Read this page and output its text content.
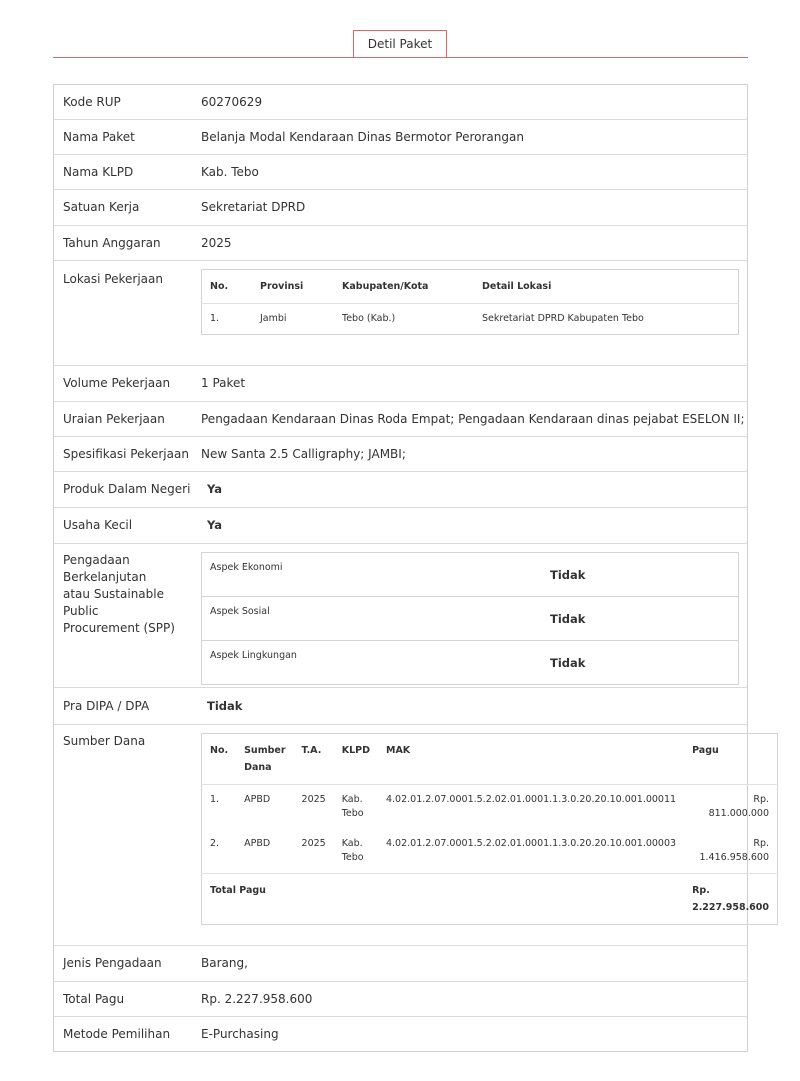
Detil Paket
Kode RUP	60270629
Nama Paket	Belanja Modal Kendaraan Dinas Bermotor Perorangan
Nama KLPD	Kab. Tebo
Satuan Kerja	Sekretariat DPRD
Tahun Anggaran	2025
Lokasi Pekerjaan
No.	Provinsi	Kabupaten/Kota	Detail Lokasi
1.	Jambi	Tebo (Kab.)	Sekretariat DPRD Kabupaten Tebo
Volume Pekerjaan	1 Paket
Uraian Pekerjaan	Pengadaan Kendaraan Dinas Roda Empat; Pengadaan Kendaraan dinas pejabat ESELON II;
Spesifikasi Pekerjaan	New Santa 2.5 Calligraphy; JAMBI;
Produk Dalam Negeri	Ya
Usaha Kecil	Ya
Pengadaan Berkelanjutan atau Sustainable Public Procurement (SPP)
Aspek Ekonomi	Tidak
Aspek Sosial	Tidak
Aspek Lingkungan	Tidak
Pra DIPA / DPA	Tidak
Sumber Dana
No.	Sumber Dana	T.A.	KLPD	MAK	Pagu
1.	APBD	2025	Kab. Tebo	4.02.01.2.07.0001.5.2.02.01.0001.1.3.0.20.20.10.001.00011	Rp. 811.000.000
2.	APBD	2025	Kab. Tebo	4.02.01.2.07.0001.5.2.02.01.0001.1.3.0.20.20.10.001.00003	Rp. 1.416.958.600
Total Pagu					Rp. 2.227.958.600
Jenis Pengadaan	Barang,
Total Pagu	Rp. 2.227.958.600
Metode Pemilihan	E-Purchasing
